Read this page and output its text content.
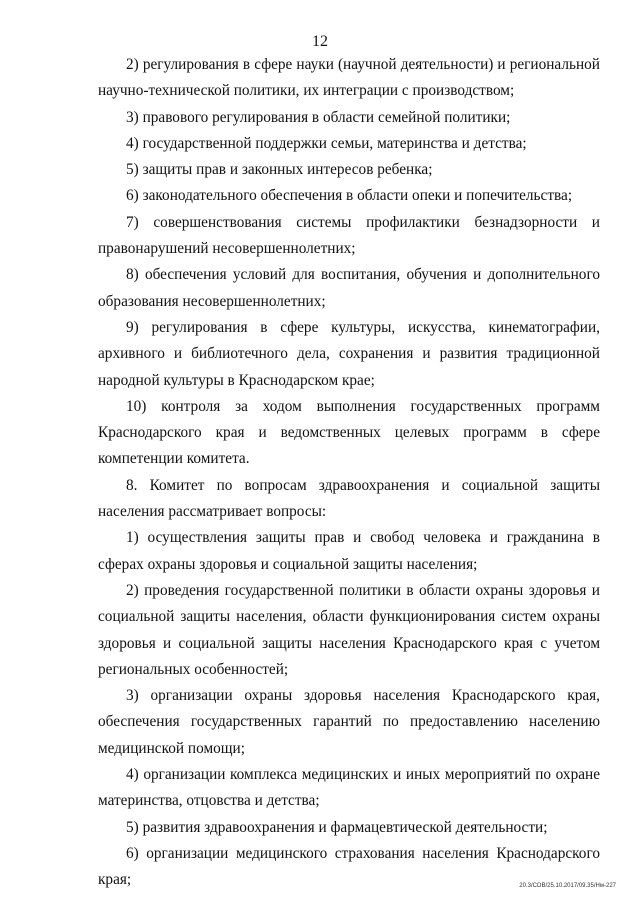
12

2) регулирования в сфере науки (научной деятельности) и региональной научно-технической политики, их интеграции с производством;

3) правового регулирования в области семейной политики;

4) государственной поддержки семьи, материнства и детства;

5) защиты прав и законных интересов ребенка;

6) законодательного обеспечения в области опеки и попечительства;

7) совершенствования системы профилактики безнадзорности и правонарушений несовершеннолетних;

8) обеспечения условий для воспитания, обучения и дополнительного образования несовершеннолетних;

9) регулирования в сфере культуры, искусства, кинематографии, архивного и библиотечного дела, сохранения и развития традиционной народной культуры в Краснодарском крае;

10) контроля за ходом выполнения государственных программ Краснодарского края и ведомственных целевых программ в сфере компетенции комитета.

8. Комитет по вопросам здравоохранения и социальной защиты населения рассматривает вопросы:

1) осуществления защиты прав и свобод человека и гражданина в сферах охраны здоровья и социальной защиты населения;

2) проведения государственной политики в области охраны здоровья и социальной защиты населения, области функционирования систем охраны здоровья и социальной защиты населения Краснодарского края с учетом региональных особенностей;

3) организации охраны здоровья населения Краснодарского края, обеспечения государственных гарантий по предоставлению населению медицинской помощи;

4) организации комплекса медицинских и иных мероприятий по охране материнства, отцовства и детства;

5) развития здравоохранения и фармацевтической деятельности;

6) организации медицинского страхования населения Краснодарского края;	20.3/СОВ/25.10.2017/09.35/Нм-227
